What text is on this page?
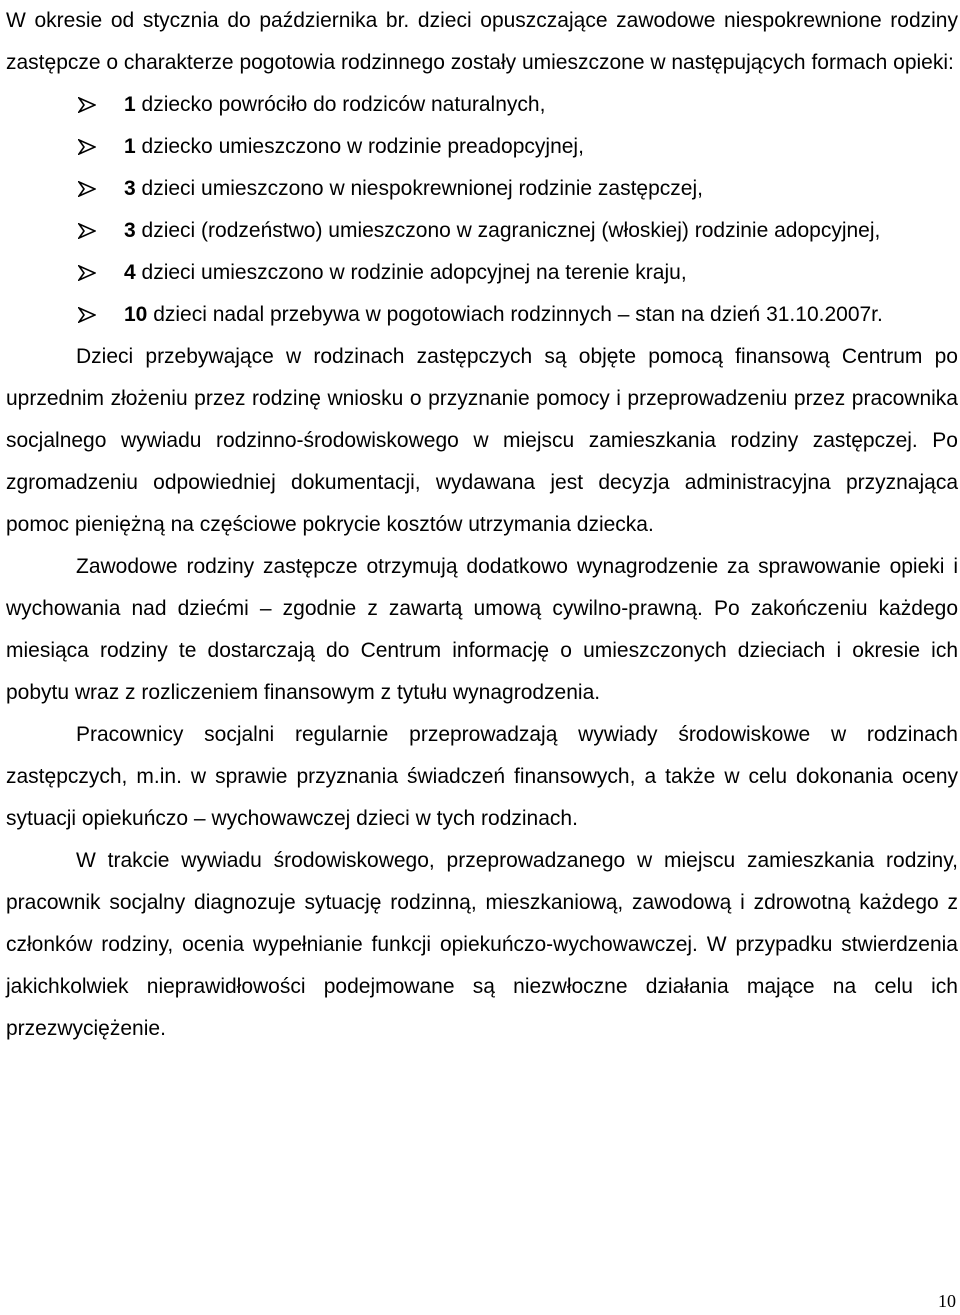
W okresie od stycznia do października br. dzieci opuszczające zawodowe niespokrewnione rodziny zastępcze o charakterze pogotowia rodzinnego zostały umieszczone w następujących formach opieki:

1 dziecko powróciło do rodziców naturalnych,
1 dziecko umieszczono w rodzinie preadopcyjnej,
3 dzieci umieszczono w niespokrewnionej rodzinie zastępczej,
3 dzieci (rodzeństwo) umieszczono w zagranicznej (włoskiej) rodzinie adopcyjnej,
4 dzieci umieszczono w rodzinie adopcyjnej na terenie kraju,
10 dzieci nadal przebywa w pogotowiach rodzinnych – stan na dzień 31.10.2007r.

Dzieci przebywające w rodzinach zastępczych są objęte pomocą finansową Centrum po uprzednim złożeniu przez rodzinę wniosku o przyznanie pomocy i przeprowadzeniu przez pracownika socjalnego wywiadu rodzinno-środowiskowego w miejscu zamieszkania rodziny zastępczej. Po zgromadzeniu odpowiedniej dokumentacji, wydawana jest decyzja administracyjna przyznająca pomoc pieniężną na częściowe pokrycie kosztów utrzymania dziecka.

Zawodowe rodziny zastępcze otrzymują dodatkowo wynagrodzenie za sprawowanie opieki i wychowania nad dziećmi – zgodnie z zawartą umową cywilno-prawną. Po zakończeniu każdego miesiąca rodziny te dostarczają do Centrum informację o umieszczonych dzieciach i okresie ich pobytu wraz z rozliczeniem finansowym z tytułu wynagrodzenia.

Pracownicy socjalni regularnie przeprowadzają wywiady środowiskowe w rodzinach zastępczych, m.in. w sprawie przyznania świadczeń finansowych, a także w celu dokonania oceny sytuacji opiekuńczo – wychowawczej dzieci w tych rodzinach.

W trakcie wywiadu środowiskowego, przeprowadzanego w miejscu zamieszkania rodziny, pracownik socjalny diagnozuje sytuację rodzinną, mieszkaniową, zawodową i zdrowotną każdego z członków rodziny, ocenia wypełnianie funkcji opiekuńczo-wychowawczej. W przypadku stwierdzenia jakichkolwiek nieprawidłowości podejmowane są niezwłoczne działania mające na celu ich przezwyciężenie.

10
